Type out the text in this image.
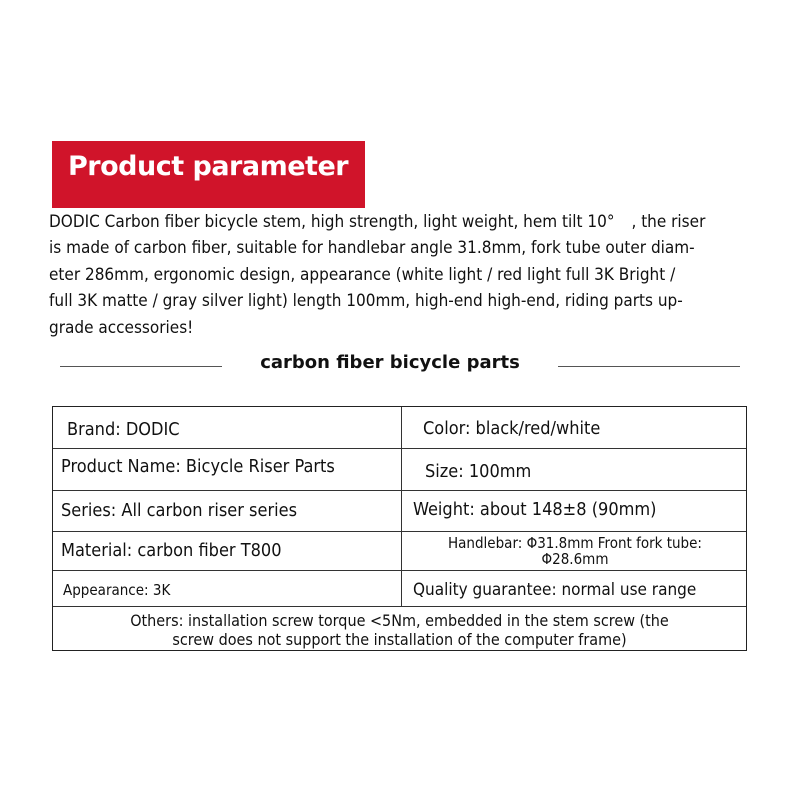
Product parameter

DODIC Carbon fiber bicycle stem, high strength, light weight, hem tilt 10°　, the riser
is made of carbon fiber, suitable for handlebar angle 31.8mm, fork tube outer diam-
eter 286mm, ergonomic design, appearance (white light / red light full 3K Bright /
full 3K matte / gray silver light) length 100mm, high-end high-end, riding parts up-
grade accessories!

carbon fiber bicycle parts
Brand: DODIC	Color: black/red/white
Product Name: Bicycle Riser Parts	Size: 100mm
Series: All carbon riser series	Weight: about 148±8 (90mm)
Material: carbon fiber T800	Handlebar: Φ31.8mm Front fork tube:
Φ28.6mm
Appearance: 3K	Quality guarantee: normal use range
Others: installation screw torque <5Nm, embedded in the stem screw (the
screw does not support the installation of the computer frame)
